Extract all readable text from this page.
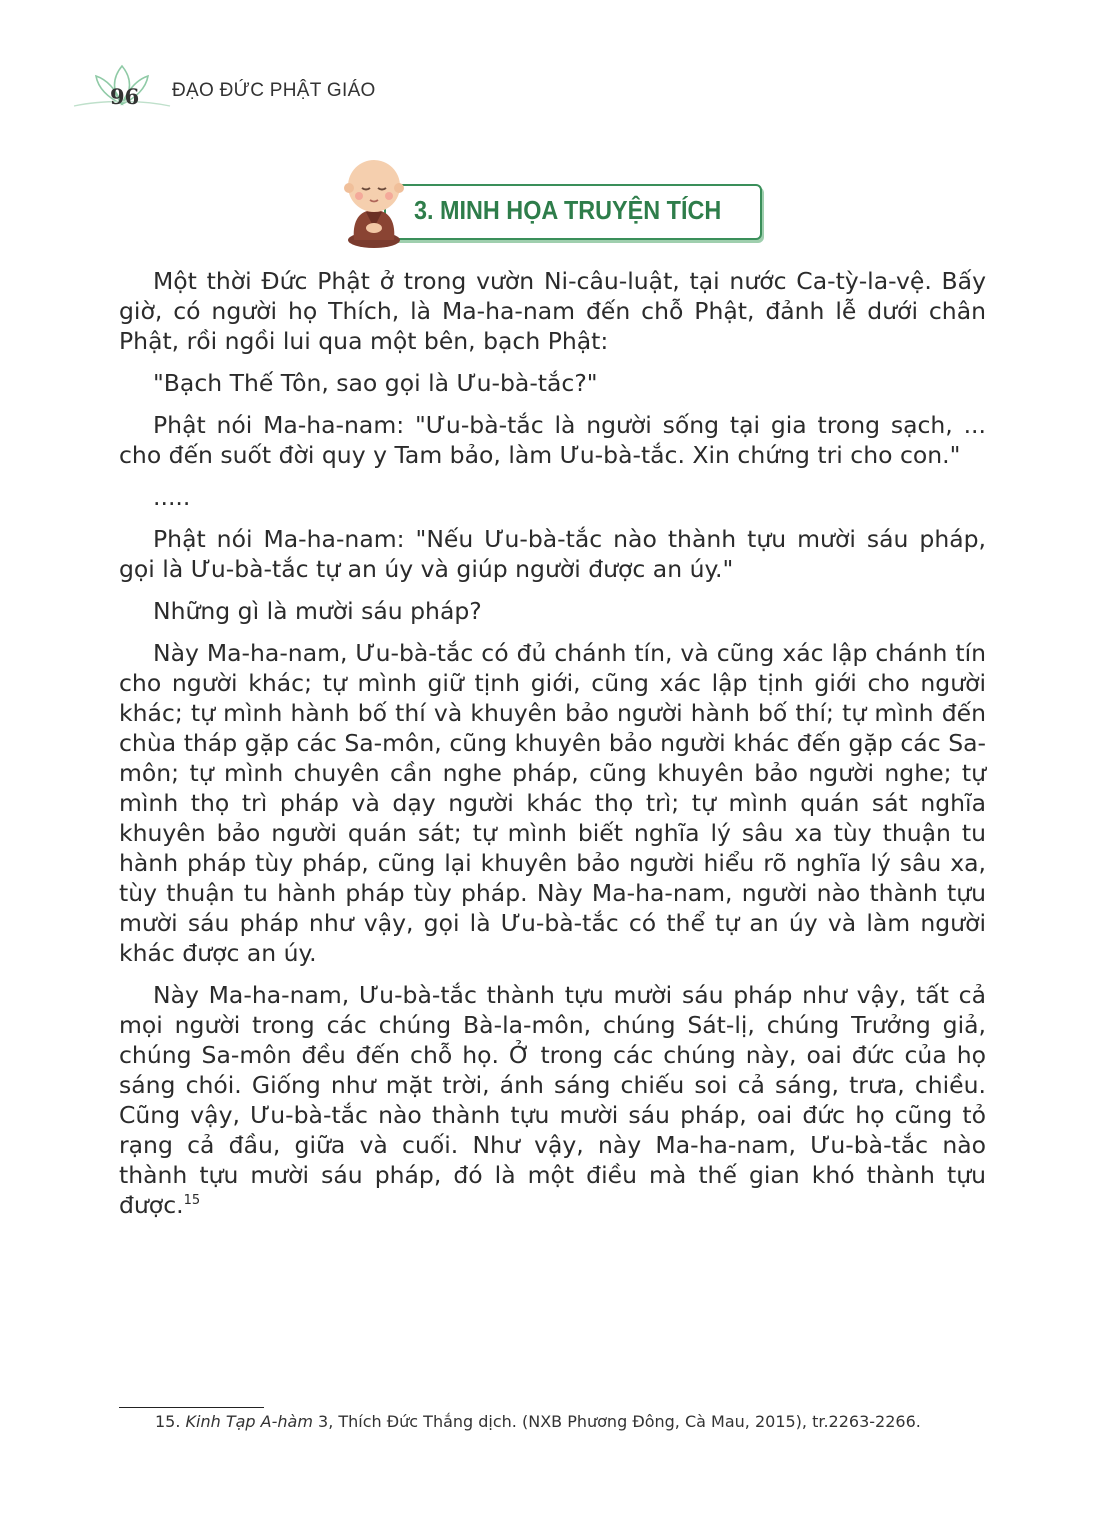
96 ĐẠO ĐỨC PHẬT GIÁO
3. MINH HỌA TRUYỆN TÍCH

Một thời Đức Phật ở trong vườn Ni-câu-luật, tại nước Ca-tỳ-la-vệ. Bấy giờ, có người họ Thích, là Ma-ha-nam đến chỗ Phật, đảnh lễ dưới chân Phật, rồi ngồi lui qua một bên, bạch Phật:

"Bạch Thế Tôn, sao gọi là Ưu-bà-tắc?"

Phật nói Ma-ha-nam: "Ưu-bà-tắc là người sống tại gia trong sạch, ... cho đến suốt đời quy y Tam bảo, làm Ưu-bà-tắc. Xin chứng tri cho con."

.....

Phật nói Ma-ha-nam: "Nếu Ưu-bà-tắc nào thành tựu mười sáu pháp, gọi là Ưu-bà-tắc tự an úy và giúp người được an úy."

Những gì là mười sáu pháp?

Này Ma-ha-nam, Ưu-bà-tắc có đủ chánh tín, và cũng xác lập chánh tín cho người khác; tự mình giữ tịnh giới, cũng xác lập tịnh giới cho người khác; tự mình hành bố thí và khuyên bảo người hành bố thí; tự mình đến chùa tháp gặp các Sa-môn, cũng khuyên bảo người khác đến gặp các Sa-môn; tự mình chuyên cần nghe pháp, cũng khuyên bảo người nghe; tự mình thọ trì pháp và dạy người khác thọ trì; tự mình quán sát nghĩa khuyên bảo người quán sát; tự mình biết nghĩa lý sâu xa tùy thuận tu hành pháp tùy pháp, cũng lại khuyên bảo người hiểu rõ nghĩa lý sâu xa, tùy thuận tu hành pháp tùy pháp. Này Ma-ha-nam, người nào thành tựu mười sáu pháp như vậy, gọi là Ưu-bà-tắc có thể tự an úy và làm người khác được an úy.

Này Ma-ha-nam, Ưu-bà-tắc thành tựu mười sáu pháp như vậy, tất cả mọi người trong các chúng Bà-la-môn, chúng Sát-lị, chúng Trưởng giả, chúng Sa-môn đều đến chỗ họ. Ở trong các chúng này, oai đức của họ sáng chói. Giống như mặt trời, ánh sáng chiếu soi cả sáng, trưa, chiều. Cũng vậy, Ưu-bà-tắc nào thành tựu mười sáu pháp, oai đức họ cũng tỏ rạng cả đầu, giữa và cuối. Như vậy, này Ma-ha-nam, Ưu-bà-tắc nào thành tựu mười sáu pháp, đó là một điều mà thế gian khó thành tựu được.$^{15}$

15. Kinh Tạp A-hàm 3, Thích Đức Thắng dịch. (NXB Phương Đông, Cà Mau, 2015), tr.2263-2266.
